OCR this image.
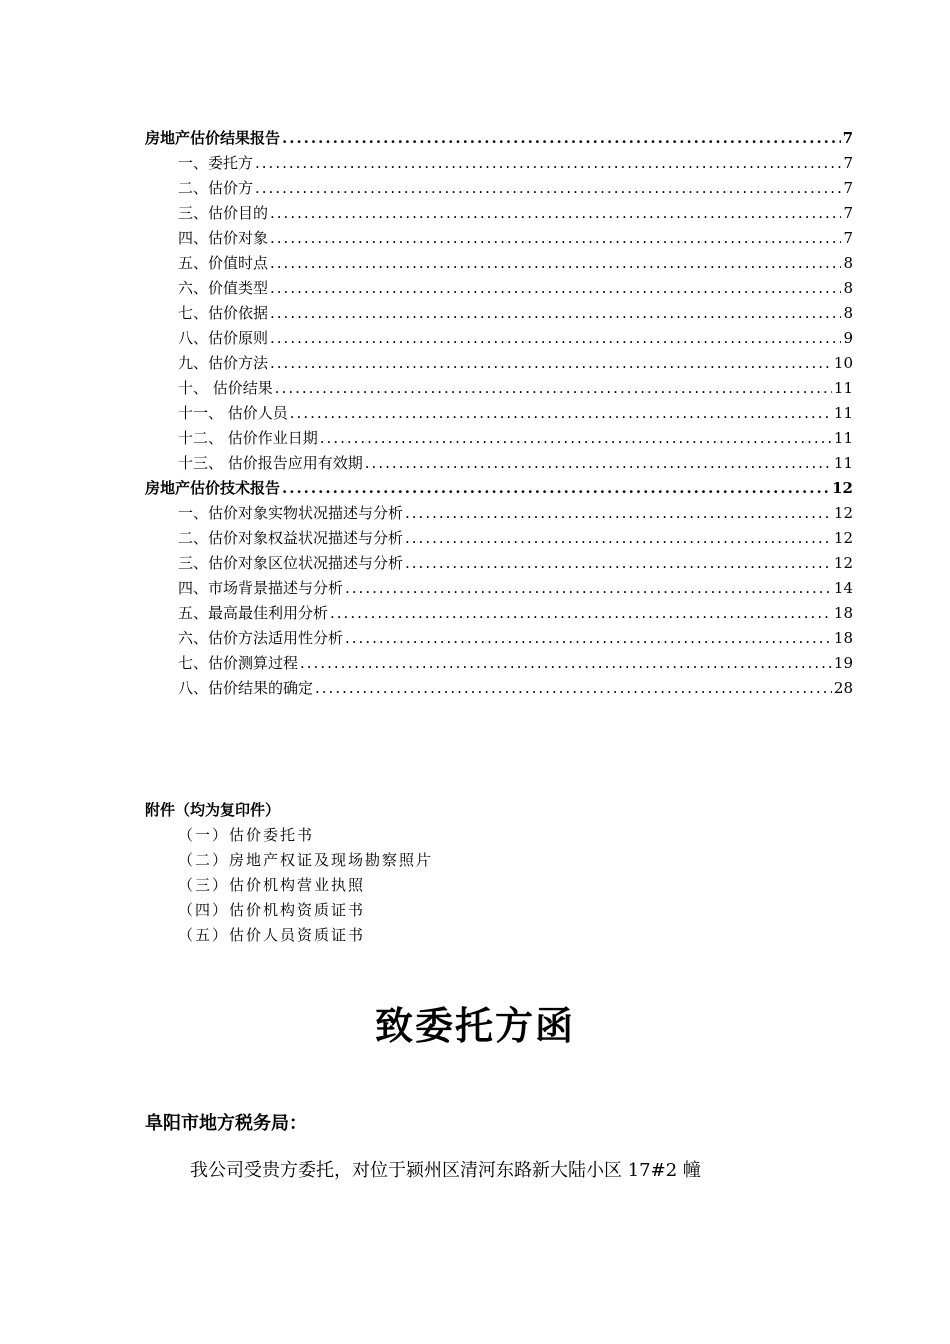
房地产估价结果报告 .....	7
一、委托方 .....	7
二、估价方 .....	7
三、估价目的 .....	7
四、估价对象 .....	7
五、价值时点 .....	8
六、价值类型 .....	8
七、估价依据 .....	8
八、估价原则 .....	9
九、估价方法 .....	10
十、 估价结果 .....	11
十一、 估价人员 .....	11
十二、 估价作业日期 .....	11
十三、 估价报告应用有效期 .....	11
房地产估价技术报告 .....	12
一、估价对象实物状况描述与分析 .....	12
二、估价对象权益状况描述与分析 .....	12
三、估价对象区位状况描述与分析 .....	12
四、市场背景描述与分析 .....	14
五、最高最佳利用分析 .....	18
六、估价方法适用性分析 .....	18
七、估价测算过程 .....	19
八、估价结果的确定 .....	28
附件（均为复印件）
（一）估价委托书
（二）房地产权证及现场勘察照片
（三）估价机构营业执照
（四）估价机构资质证书
（五）估价人员资质证书
致委托方函
阜阳市地方税务局：
我公司受贵方委托，对位于颍州区清河东路新大陆小区 17#2 幢
